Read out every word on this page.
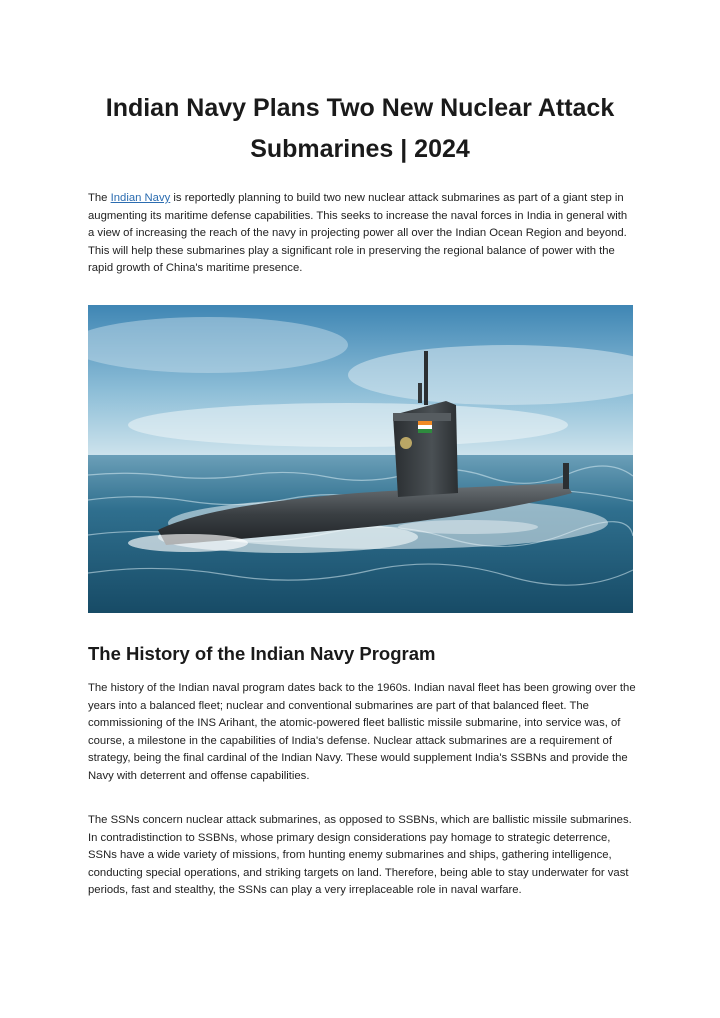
Indian Navy Plans Two New Nuclear Attack Submarines | 2024

The Indian Navy is reportedly planning to build two new nuclear attack submarines as part of a giant step in augmenting its maritime defense capabilities. This seeks to increase the naval forces in India in general with a view of increasing the reach of the navy in projecting power all over the Indian Ocean Region and beyond. This will help these submarines play a significant role in preserving the regional balance of power with the rapid growth of China's maritime presence.

The History of the Indian Navy Program

The history of the Indian naval program dates back to the 1960s. Indian naval fleet has been growing over the years into a balanced fleet; nuclear and conventional submarines are part of that balanced fleet. The commissioning of the INS Arihant, the atomic-powered fleet ballistic missile submarine, into service was, of course, a milestone in the capabilities of India's defense. Nuclear attack submarines are a requirement of strategy, being the final cardinal of the Indian Navy. These would supplement India's SSBNs and provide the Navy with deterrent and offense capabilities.

The SSNs concern nuclear attack submarines, as opposed to SSBNs, which are ballistic missile submarines. In contradistinction to SSBNs, whose primary design considerations pay homage to strategic deterrence, SSNs have a wide variety of missions, from hunting enemy submarines and ships, gathering intelligence, conducting special operations, and striking targets on land. Therefore, being able to stay underwater for vast periods, fast and stealthy, the SSNs can play a very irreplaceable role in naval warfare.
